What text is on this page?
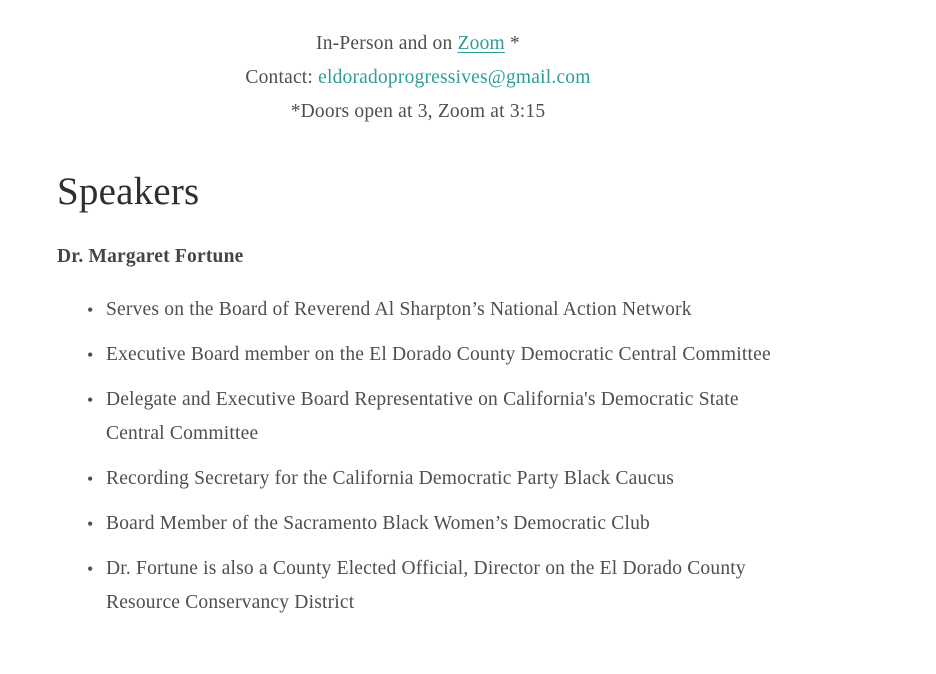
In-Person and on Zoom *
Contact: eldoradoprogressives@gmail.com
*Doors open at 3, Zoom at 3:15
Speakers
Dr. Margaret Fortune
• Serves on the Board of Reverend Al Sharpton’s National Action Network
• Executive Board member on the El Dorado County Democratic Central Committee
• Delegate and Executive Board Representative on California's Democratic State Central Committee
• Recording Secretary for the California Democratic Party Black Caucus
• Board Member of the Sacramento Black Women’s Democratic Club
• Dr. Fortune is also a County Elected Official, Director on the El Dorado County Resource Conservancy District
